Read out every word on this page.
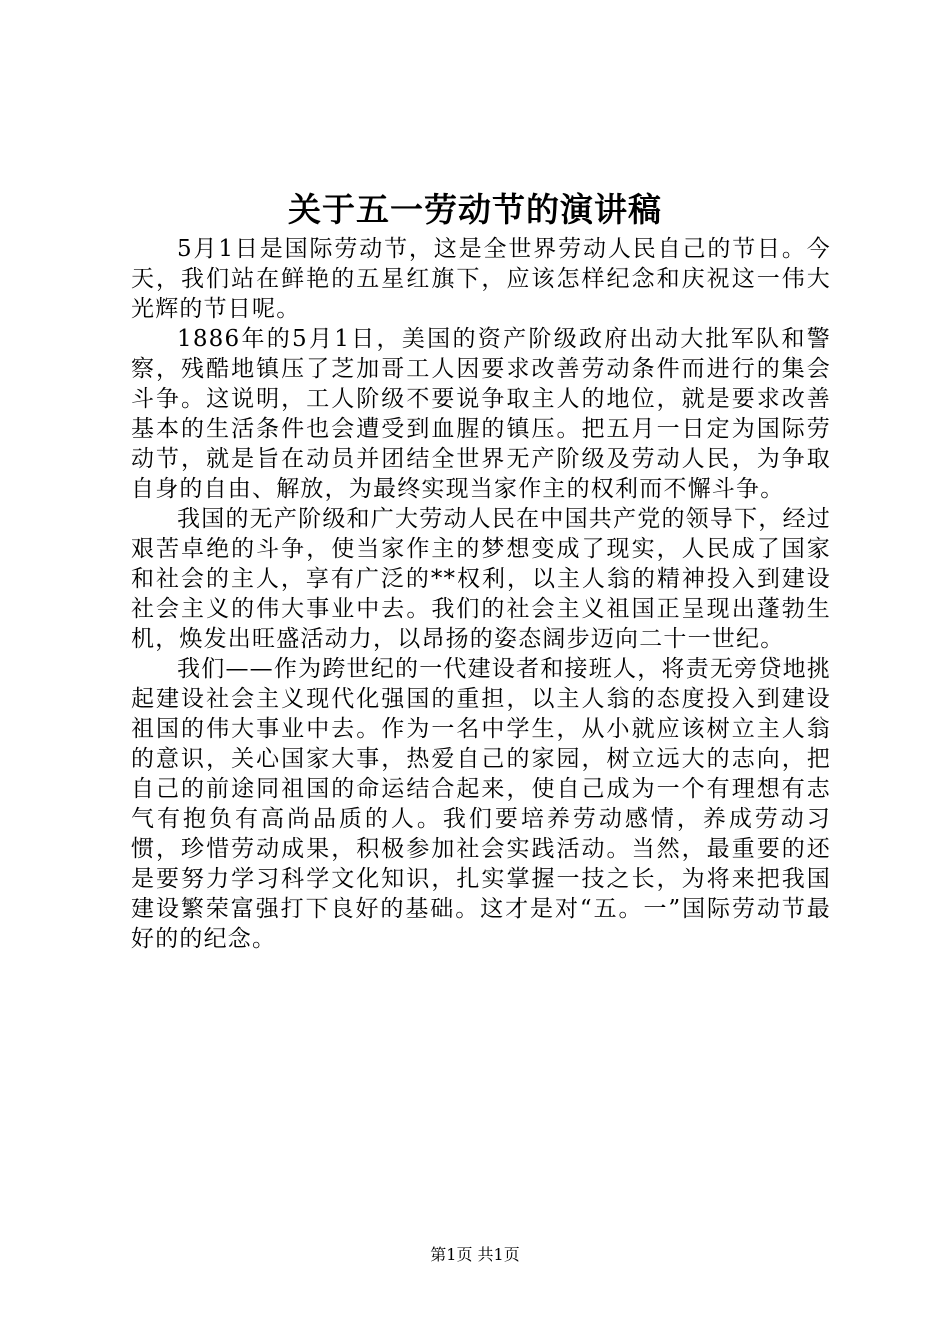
关于五一劳动节的演讲稿

5月1日是国际劳动节，这是全世界劳动人民自己的节日。今天，我们站在鲜艳的五星红旗下，应该怎样纪念和庆祝这一伟大光辉的节日呢。

1886年的5月1日，美国的资产阶级政府出动大批军队和警察，残酷地镇压了芝加哥工人因要求改善劳动条件而进行的集会斗争。这说明，工人阶级不要说争取主人的地位，就是要求改善基本的生活条件也会遭受到血腥的镇压。把五月一日定为国际劳动节，就是旨在动员并团结全世界无产阶级及劳动人民，为争取自身的自由、解放，为最终实现当家作主的权利而不懈斗争。

我国的无产阶级和广大劳动人民在中国共产党的领导下，经过艰苦卓绝的斗争，使当家作主的梦想变成了现实，人民成了国家和社会的主人，享有广泛的**权利，以主人翁的精神投入到建设社会主义的伟大事业中去。我们的社会主义祖国正呈现出蓬勃生机，焕发出旺盛活动力，以昂扬的姿态阔步迈向二十一世纪。

我们——作为跨世纪的一代建设者和接班人，将责无旁贷地挑起建设社会主义现代化强国的重担，以主人翁的态度投入到建设祖国的伟大事业中去。作为一名中学生，从小就应该树立主人翁的意识，关心国家大事，热爱自己的家园，树立远大的志向，把自己的前途同祖国的命运结合起来，使自己成为一个有理想有志气有抱负有高尚品质的人。我们要培养劳动感情，养成劳动习惯，珍惜劳动成果，积极参加社会实践活动。当然，最重要的还是要努力学习科学文化知识，扎实掌握一技之长，为将来把我国建设繁荣富强打下良好的基础。这才是对“五。一”国际劳动节最好的的纪念。

第1页 共1页
